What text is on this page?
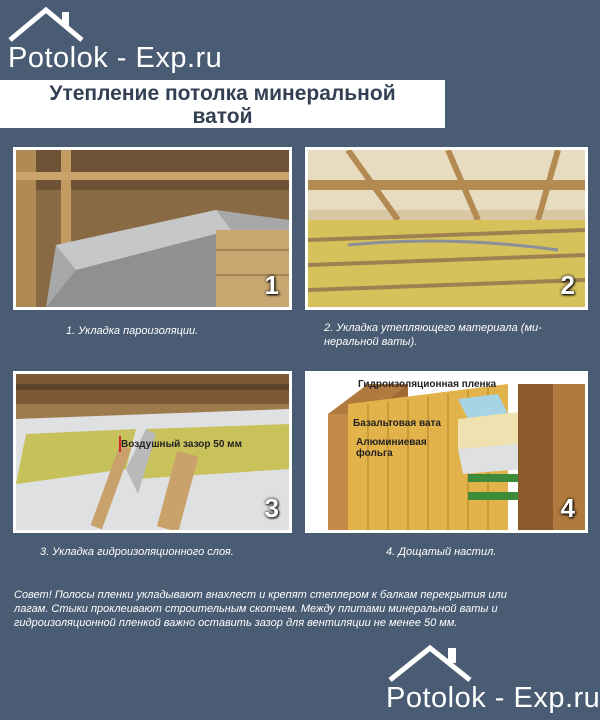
Potolok - Exp.ru
Утепление потолка минеральной
ватой
1	2
1. Укладка пароизоляции.	2. Укладка утепляющего материала (ми-
неральной ваты).
Воздушный зазор 50 мм
3
Гидроизоляционная пленка
Базальтовая вата
Алюминиевая
фольга
4
3. Укладка гидроизоляционного слоя.	4. Дощатый настил.
Совет! Полосы пленки укладывают внахлест и крепят степлером к балкам перекрытия или
лагам. Стыки проклеивают строительным скотчем. Между плитами минеральной ваты и
гидроизоляционной пленкой важно оставить зазор для вентиляции не менее 50 мм.
Potolok - Exp.ru
